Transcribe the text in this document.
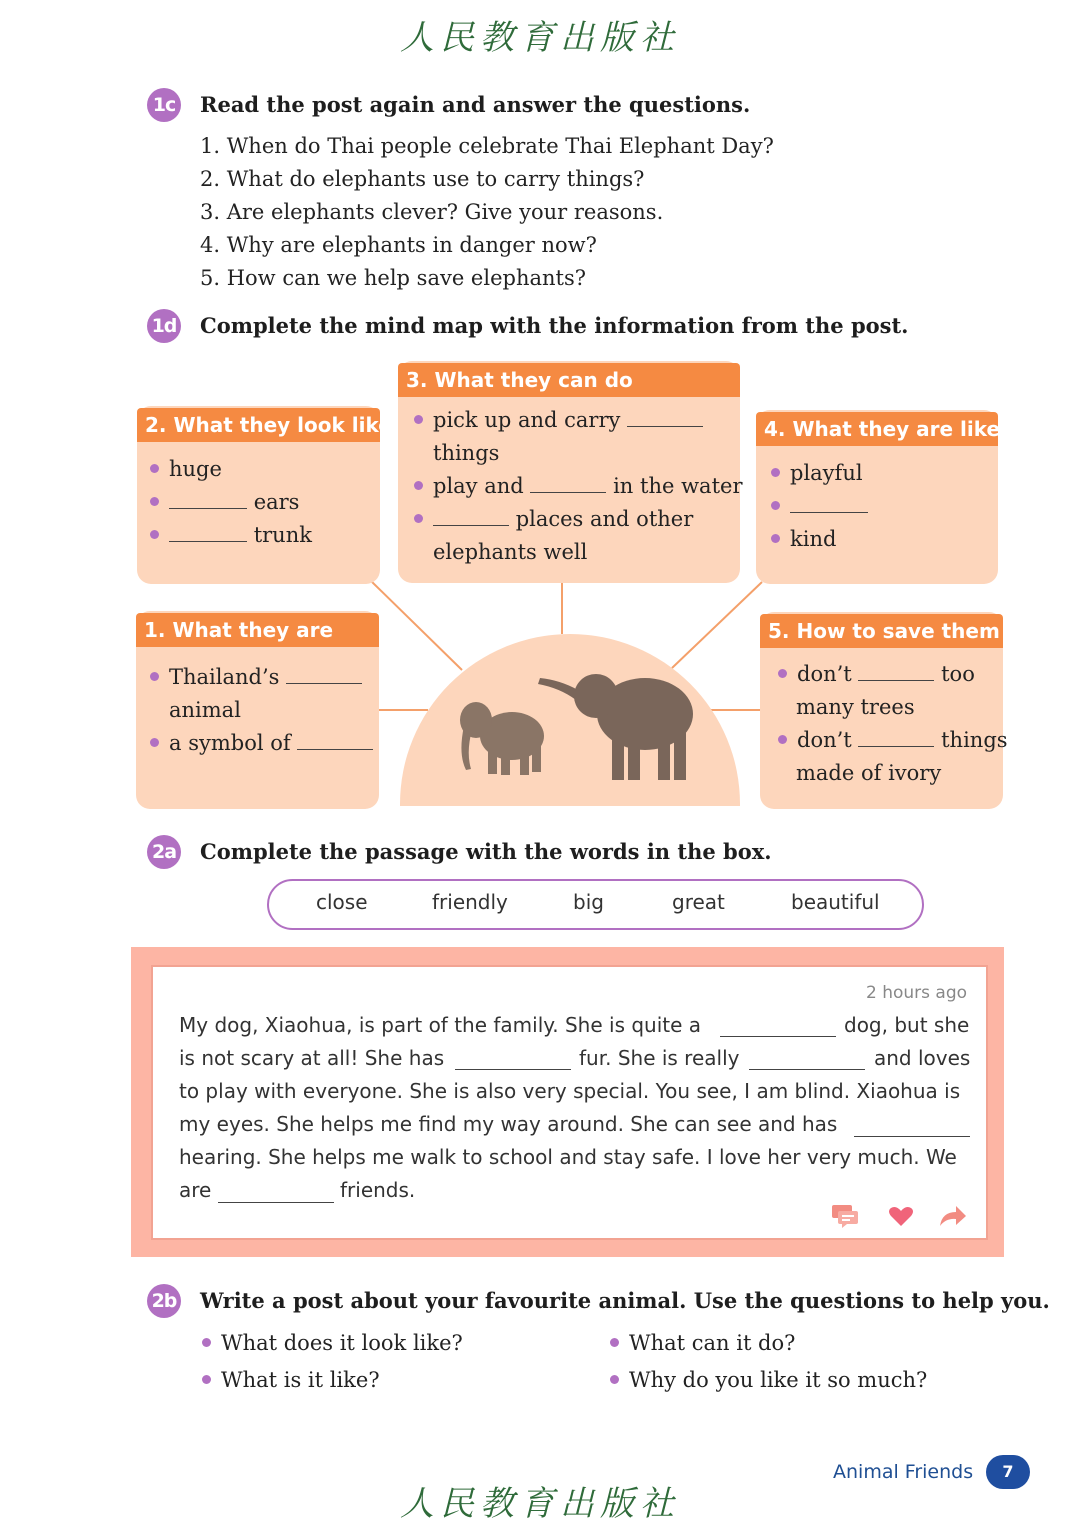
人民教育出版社
1c Read the post again and answer the questions.
1. When do Thai people celebrate Thai Elephant Day?
2. What do elephants use to carry things?
3. Are elephants clever? Give your reasons.
4. Why are elephants in danger now?
5. How can we help save elephants?
1d Complete the mind map with the information from the post.
2. What they look like
huge
ears
trunk
3. What they can do
pick up and carry
things
play and	in the water
places and other
elephants well
4. What they are like
playful
kind
1. What they are
Thailand’s
animal
a symbol of
5. How to save them
don’t	too
many trees
don’t	things
made of ivory
2a Complete the passage with the words in the box.
close	friendly	big	great	beautiful
2 hours ago
My dog, Xiaohua, is part of the family. She is quite a	dog, but she
is not scary at all! She has	fur. She is really	and loves
to play with everyone. She is also very special. You see, I am blind. Xiaohua is
my eyes. She helps me find my way around. She can see and has
hearing. She helps me walk to school and stay safe. I love her very much. We
are	friends.
2b Write a post about your favourite animal. Use the questions to help you.
What does it look like?	What can it do?
What is it like?	Why do you like it so much?
Animal Friends	7
人民教育出版社
